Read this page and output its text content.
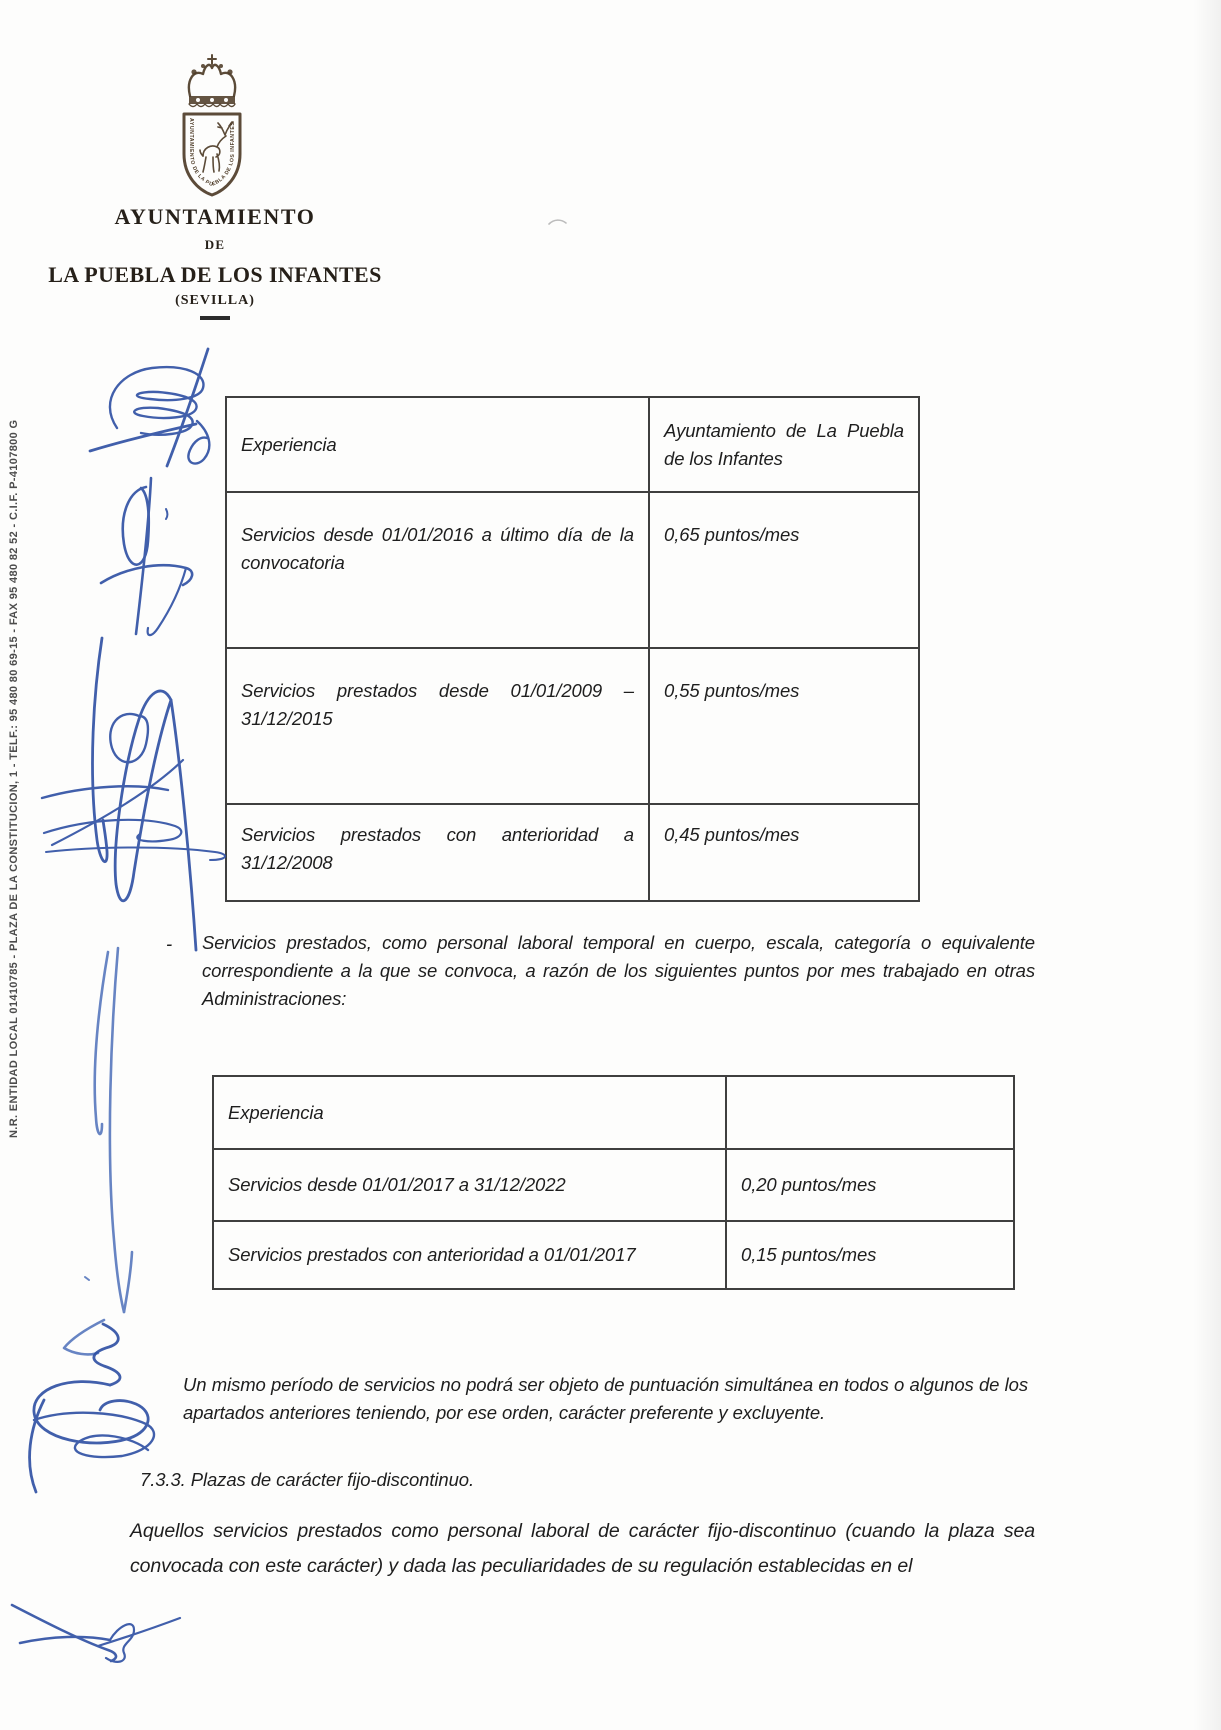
AYUNTAMIENTO DE LA PUEBLA DE LOS INFANTES
AYUNTAMIENTO
DE
LA PUEBLA DE LOS INFANTES
(SEVILLA)
N.R. ENTIDAD LOCAL 01410785 - PLAZA DE LA CONSTITUCION, 1 - TELF.: 95 480 80 69-15 - FAX 95 480 82 52 - C.I.F. P-4107800 G	Experiencia	Ayuntamiento de La Puebla de los Infantes
Servicios desde 01/01/2016 a último día de la convocatoria	0,65 puntos/mes
Servicios prestados desde 01/01/2009 – 31/12/2015	0,55 puntos/mes
Servicios prestados con anterioridad a 31/12/2008	0,45 puntos/mes
- Servicios prestados, como personal laboral temporal en cuerpo, escala, categoría o equivalente correspondiente a la que se convoca, a razón de los siguientes puntos por mes trabajado en otras Administraciones:
Experiencia	
Servicios desde 01/01/2017 a 31/12/2022	0,20 puntos/mes
Servicios prestados con anterioridad a 01/01/2017	0,15 puntos/mes
Un mismo período de servicios no podrá ser objeto de puntuación simultánea en todos o algunos de los apartados anteriores teniendo, por ese orden, carácter preferente y excluyente.
7.3.3. Plazas de carácter fijo-discontinuo.
Aquellos servicios prestados como personal laboral de carácter fijo-discontinuo (cuando la plaza sea convocada con este carácter) y dada las peculiaridades de su regulación establecidas en el
